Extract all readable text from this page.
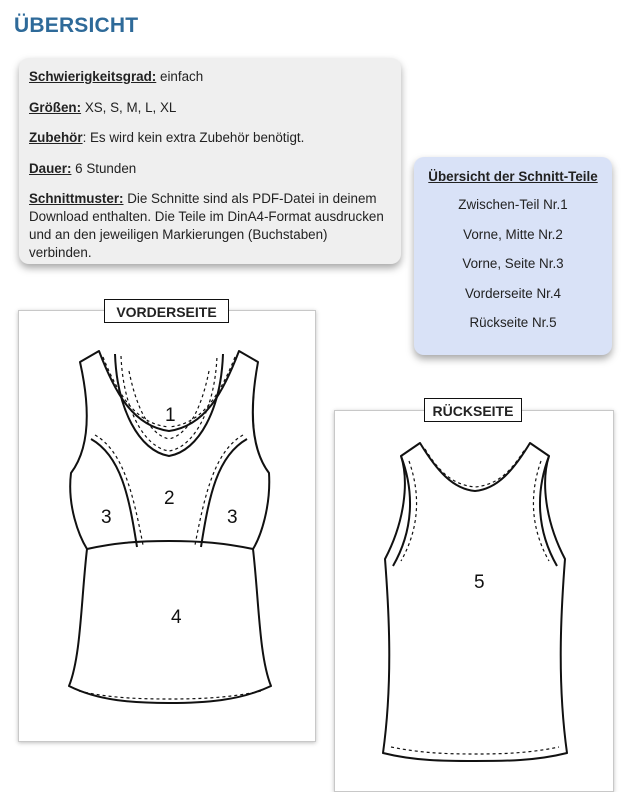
ÜBERSICHT

Schwierigkeitsgrad: einfach

Größen: XS, S, M, L, XL

Zubehör: Es wird kein extra Zubehör benötigt.

Dauer: 6 Stunden

Schnittmuster: Die Schnitte sind als PDF-Datei in deinem Download enthalten. Die Teile im DinA4-Format ausdrucken und an den jeweiligen Markierungen (Buchstaben) verbinden.

Übersicht der Schnitt-Teile
Zwischen-Teil Nr.1
Vorne, Mitte Nr.2
Vorne, Seite Nr.3
Vorderseite Nr.4
Rückseite Nr.5
1
2
3	3
4
VORDERSEITE
5
RÜCKSEITE
